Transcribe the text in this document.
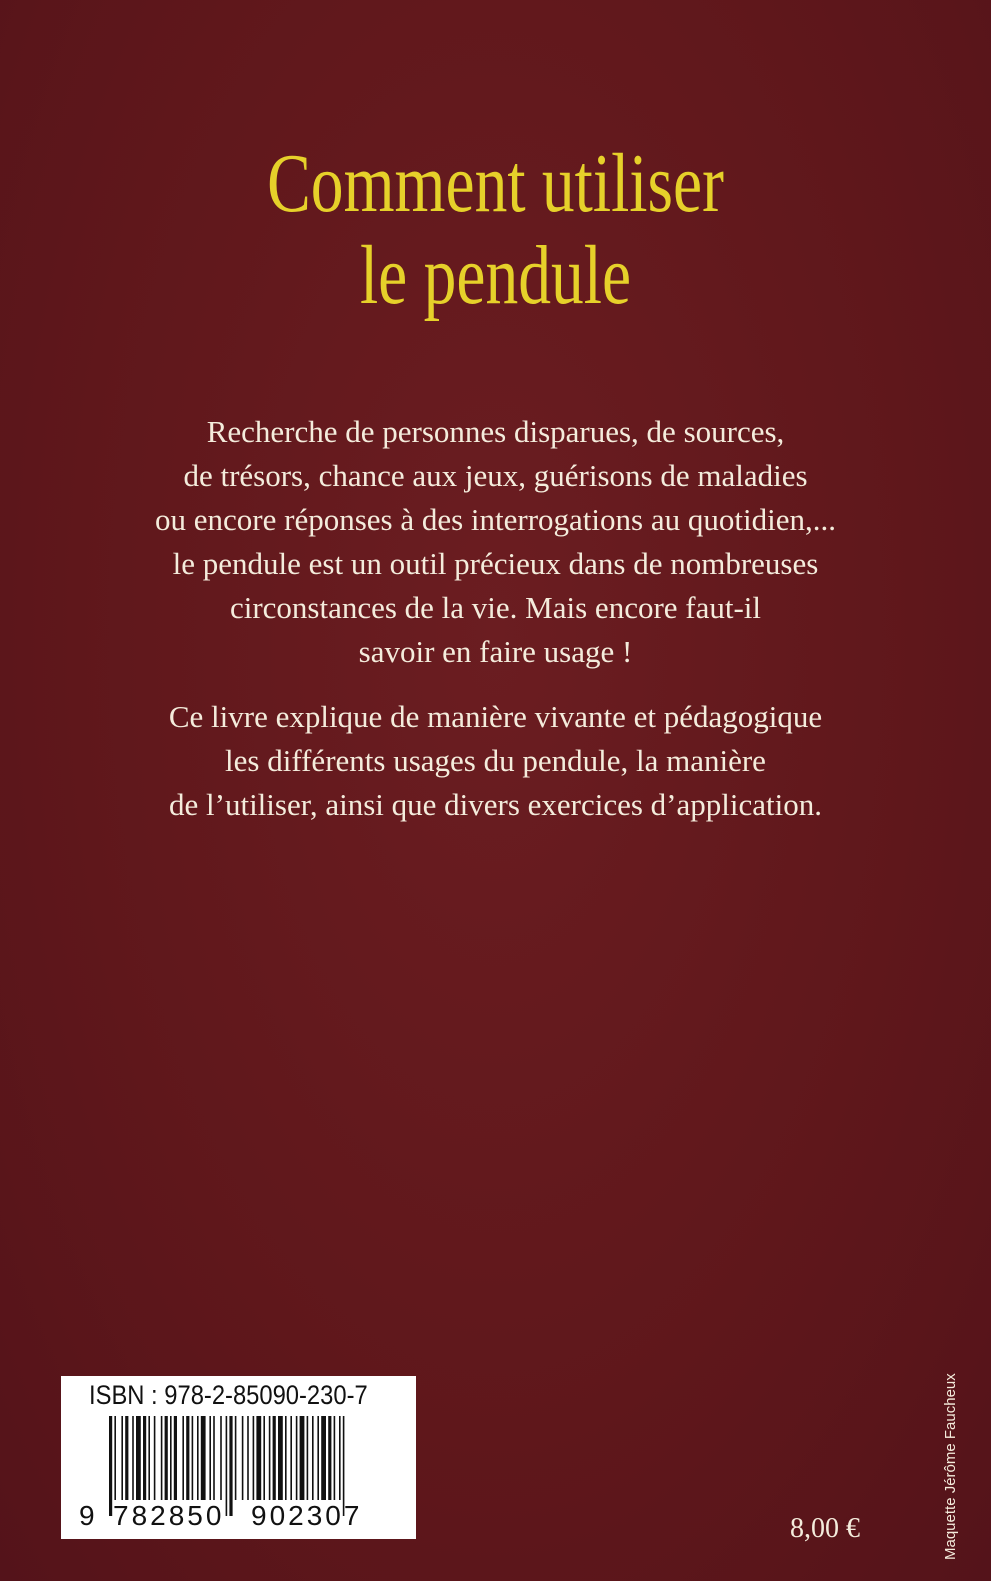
Comment utiliser
le pendule
Recherche de personnes disparues, de sources,
de trésors, chance aux jeux, guérisons de maladies
ou encore réponses à des interrogations au quotidien,...
le pendule est un outil précieux dans de nombreuses
circonstances de la vie. Mais encore faut-il
savoir en faire usage !
Ce livre explique de manière vivante et pédagogique
les différents usages du pendule, la manière
de l’utiliser, ainsi que divers exercices d’application.
ISBN : 978-2-85090-230-7
9 782850 902307	8,00 €	Maquette Jérôme Faucheux
